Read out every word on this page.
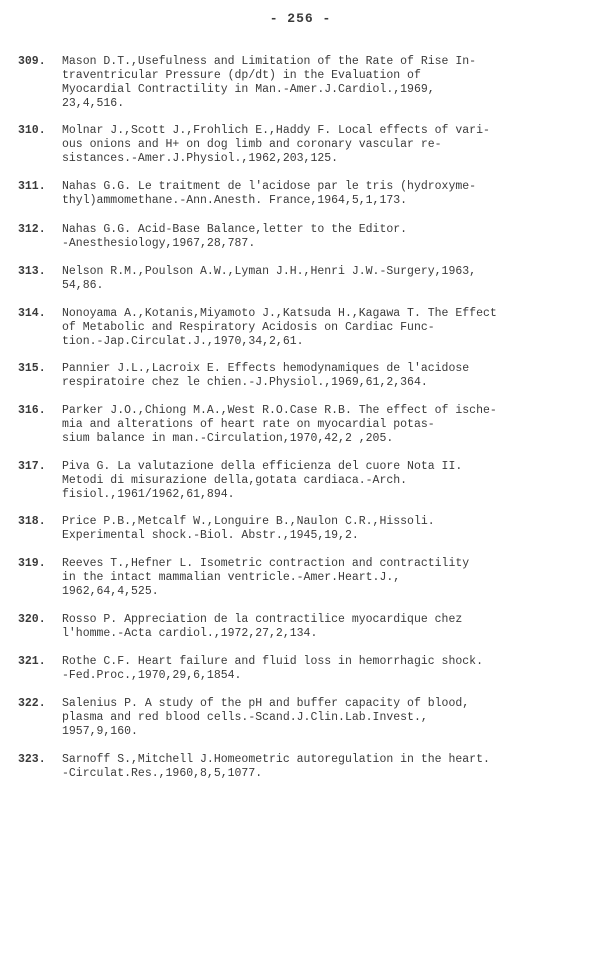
- 256 -
309.	Mason D.T.,Usefulness and Limitation of the Rate of Rise In-
traventricular Pressure (dp/dt) in the Evaluation of
Myocardial Contractility in Man.-Amer.J.Cardiol.,1969,
23,4,516.
310.	Molnar J.,Scott J.,Frohlich E.,Haddy F. Local effects of vari-
ous onions and H+ on dog limb and coronary vascular re-
sistances.-Amer.J.Physiol.,1962,203,125.
311.	Nahas G.G. Le traitment de l'acidose par le tris (hydroxyme-
thyl)ammomethane.-Ann.Anesth. France,1964,5,1,173.
312.	Nahas G.G. Acid-Base Balance,letter to the Editor.
-Anesthesiology,1967,28,787.
313.	Nelson R.M.,Poulson A.W.,Lyman J.H.,Henri J.W.-Surgery,1963,
54,86.
314.	Nonoyama A.,Kotanis,Miyamoto J.,Katsuda H.,Kagawa T. The Effect
of Metabolic and Respiratory Acidosis on Cardiac Func-
tion.-Jap.Circulat.J.,1970,34,2,61.
315.	Pannier J.L.,Lacroix E. Effects hemodynamiques de l'acidose
respiratoire chez le chien.-J.Physiol.,1969,61,2,364.
316.	Parker J.O.,Chiong M.A.,West R.O.Case R.B. The effect of ische-
mia and alterations of heart rate on myocardial potas-
sium balance in man.-Circulation,1970,42,2 ,205.
317.	Piva G. La valutazione della efficienza del cuore Nota II.
Metodi di misurazione della,gotata cardiaca.-Arch.
fisiol.,1961/1962,61,894.
318.	Price P.B.,Metcalf W.,Longuire B.,Naulon C.R.,Hissoli.
Experimental shock.-Biol. Abstr.,1945,19,2.
319.	Reeves T.,Hefner L. Isometric contraction and contractility
in the intact mammalian ventricle.-Amer.Heart.J.,
1962,64,4,525.
320.	Rosso P. Appreciation de la contractilice myocardique chez
l'homme.-Acta cardiol.,1972,27,2,134.
321.	Rothe C.F. Heart failure and fluid loss in hemorrhagic shock.
-Fed.Proc.,1970,29,6,1854.
322.	Salenius P. A study of the pH and buffer capacity of blood,
plasma and red blood cells.-Scand.J.Clin.Lab.Invest.,
1957,9,160.
323.	Sarnoff S.,Mitchell J.Homeometric autoregulation in the heart.
-Circulat.Res.,1960,8,5,1077.
